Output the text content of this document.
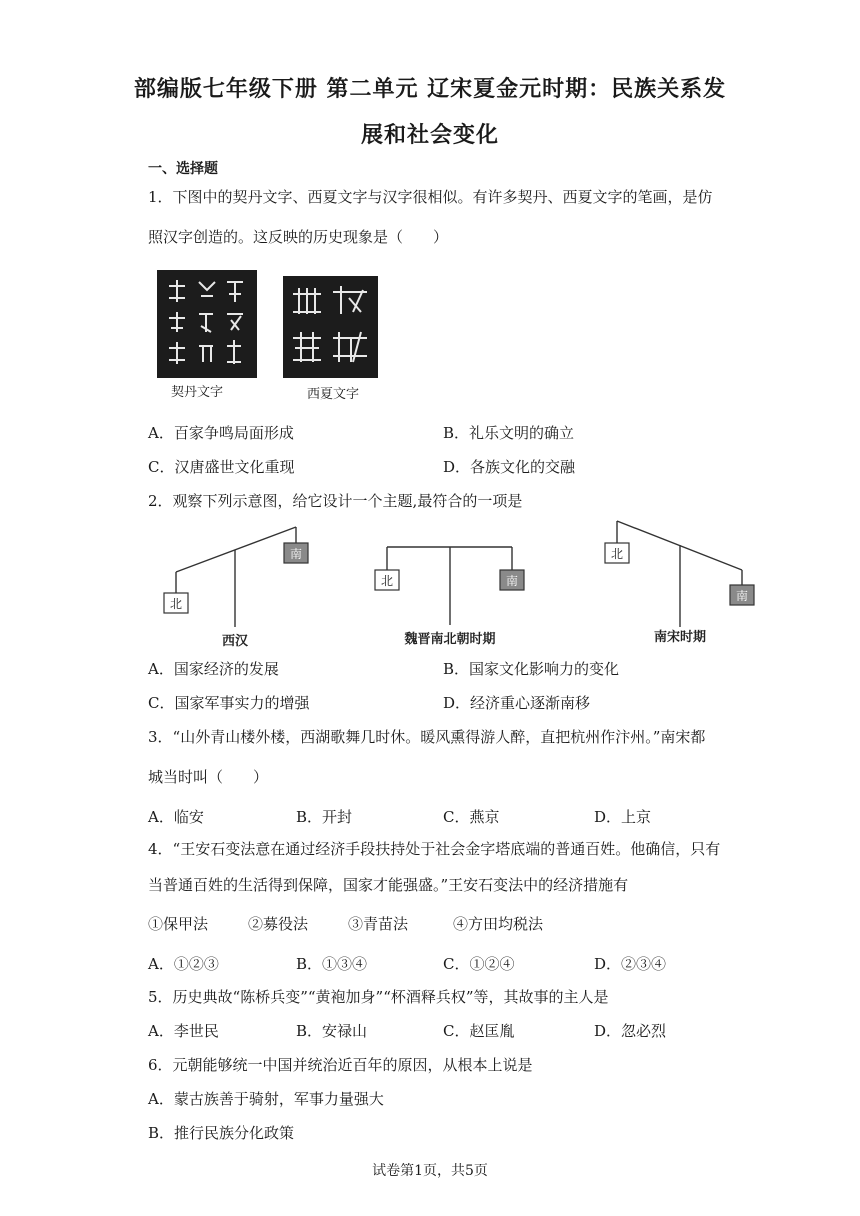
部编版七年级下册 第二单元 辽宋夏金元时期：民族关系发
展和社会变化
一、选择题
1．下图中的契丹文字、西夏文字与汉字很相似。有许多契丹、西夏文字的笔画，是仿
照汉字创造的。这反映的历史现象是（　　）
契丹文字	西夏文字
A．百家争鸣局面形成	B．礼乐文明的确立
C．汉唐盛世文化重现	D．各族文化的交融
2．观察下列示意图，给它设计一个主题,最符合的一项是
北
南
北	南
北
南
西汉	魏晋南北朝时期	南宋时期
A．国家经济的发展	B．国家文化影响力的变化
C．国家军事实力的增强	D．经济重心逐渐南移
3．“山外青山楼外楼，西湖歌舞几时休。暖风熏得游人醉，直把杭州作汴州。”南宋都
城当时叫（　　）
A．临安	B．开封	C．燕京	D．上京
4．“王安石变法意在通过经济手段扶持处于社会金字塔底端的普通百姓。他确信，只有
当普通百姓的生活得到保障，国家才能强盛。”王安石变法中的经济措施有
①保甲法	②募役法	③青苗法	④方田均税法
A．①②③	B．①③④	C．①②④	D．②③④
5．历史典故“陈桥兵变”“黄袍加身”“杯酒释兵权”等，其故事的主人是
A．李世民	B．安禄山	C．赵匡胤	D．忽必烈
6．元朝能够统一中国并统治近百年的原因，从根本上说是
A．蒙古族善于骑射，军事力量强大
B．推行民族分化政策
试卷第1页，共5页
